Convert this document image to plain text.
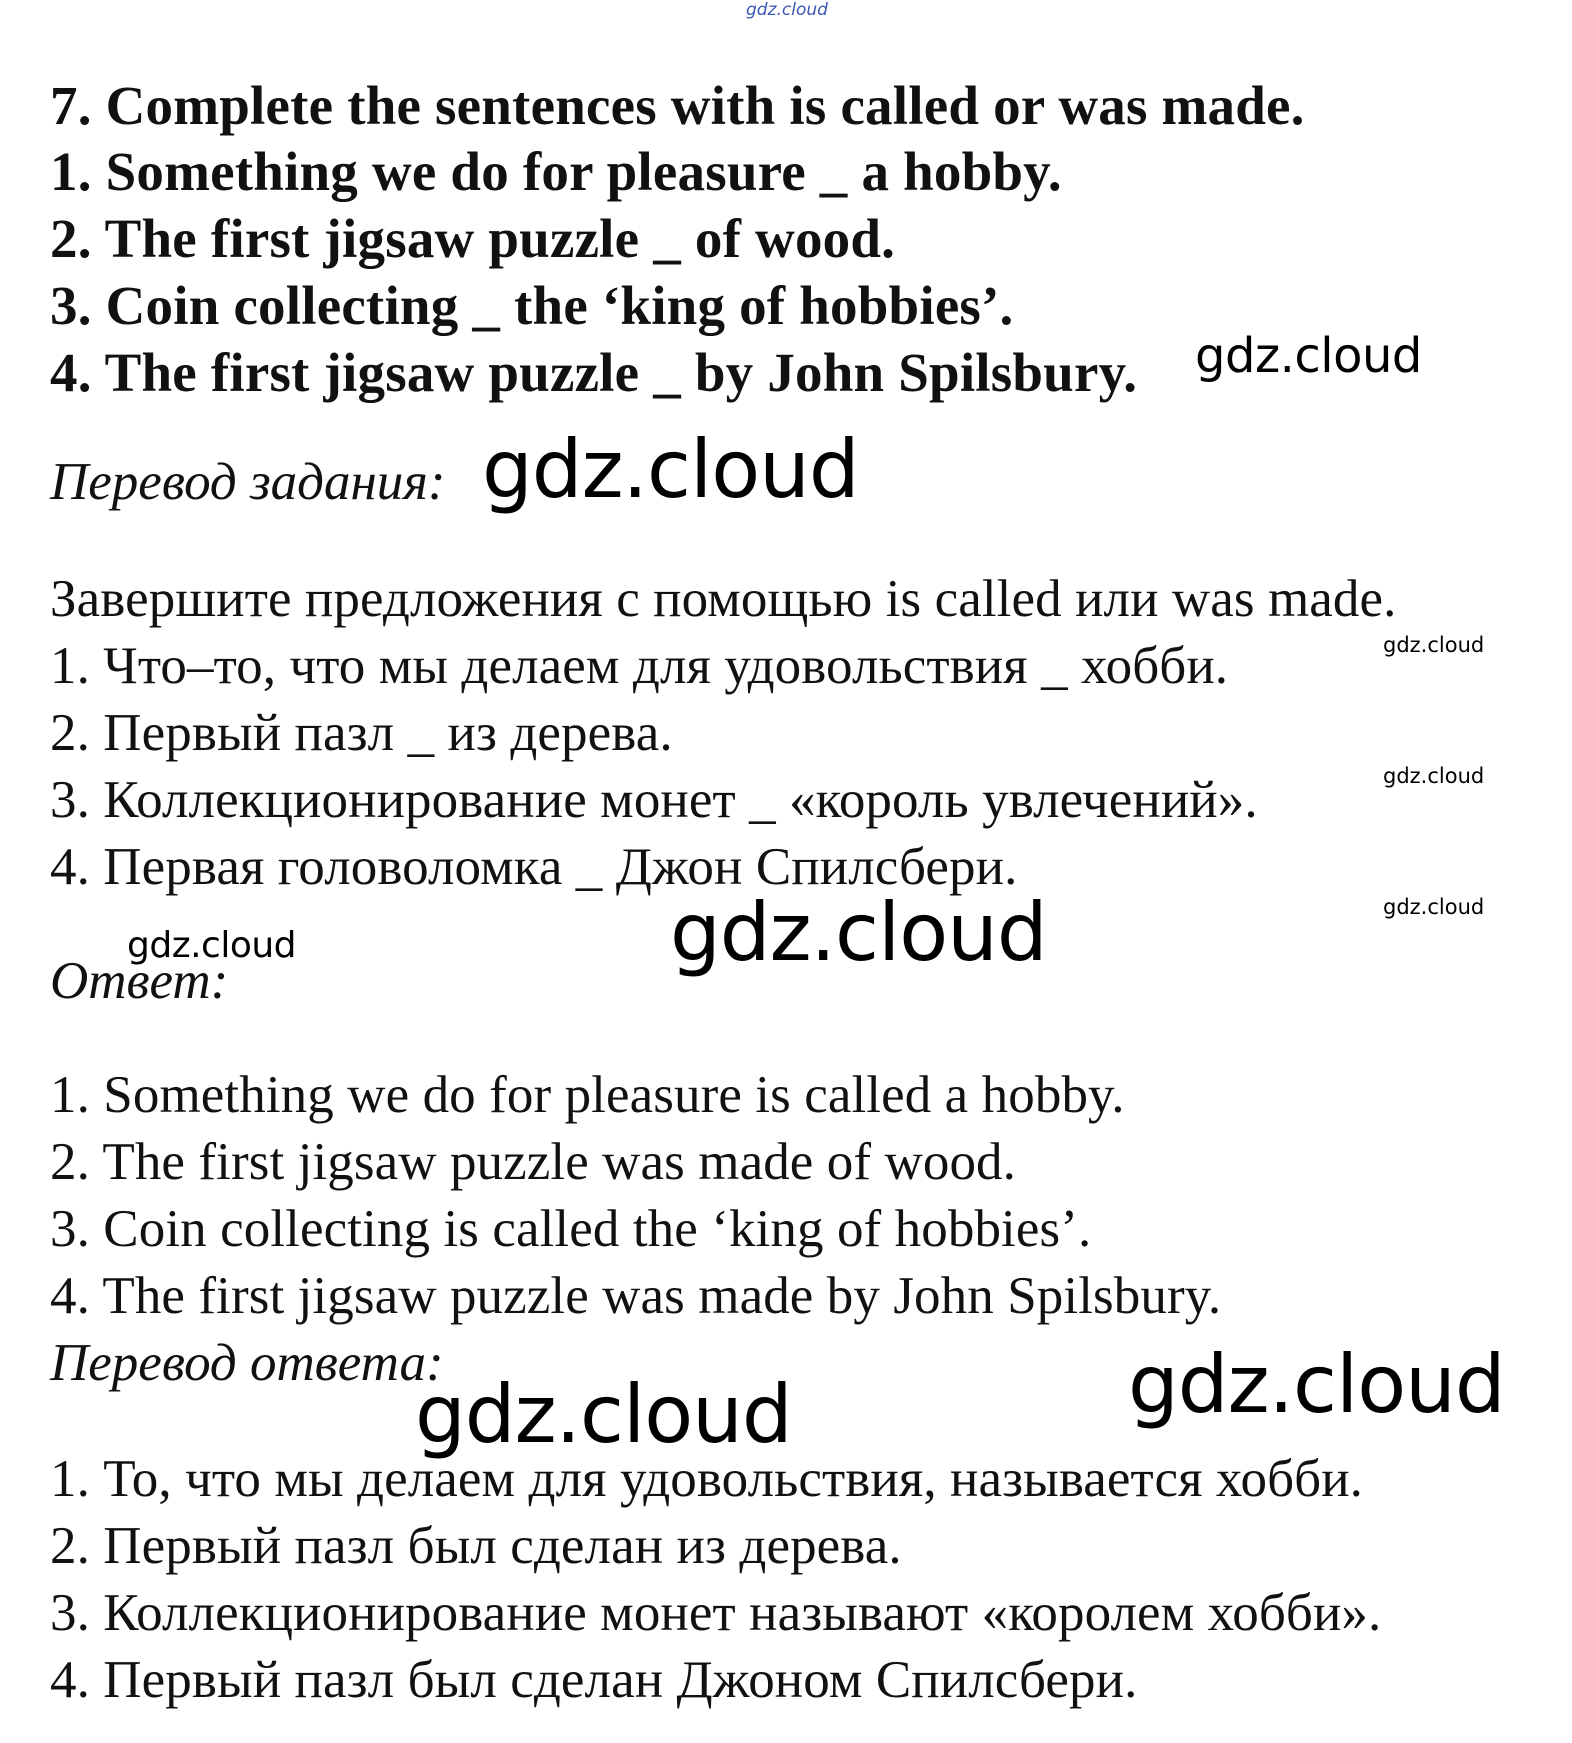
gdz.cloud
7. Complete the sentences with is called or was made.
1. Something we do for pleasure _ a hobby.
2. The first jigsaw puzzle _ of wood.
3. Coin collecting _ the ‘king of hobbies’.
4. The first jigsaw puzzle _ by John Spilsbury. gdz.cloud
Перевод задания: gdz.cloud
Завершите предложения с помощью is called или was made.
1. Что–то, что мы делаем для удовольствия _ хобби.	gdz.cloud
2. Первый пазл _ из дерева.
3. Коллекционирование монет _ «король увлечений».	gdz.cloud
4. Первая головоломка _ Джон Спилсбери.
gdz.cloud
gdz.cloud
gdz.cloud
Ответ:
1. Something we do for pleasure is called a hobby.
2. The first jigsaw puzzle was made of wood.
3. Coin collecting is called the ‘king of hobbies’.
4. The first jigsaw puzzle was made by John Spilsbury.
Перевод ответа:	gdz.cloud
gdz.cloud
1. То, что мы делаем для удовольствия, называется хобби.
2. Первый пазл был сделан из дерева.
3. Коллекционирование монет называют «королем хобби».
4. Первый пазл был сделан Джоном Спилсбери.
